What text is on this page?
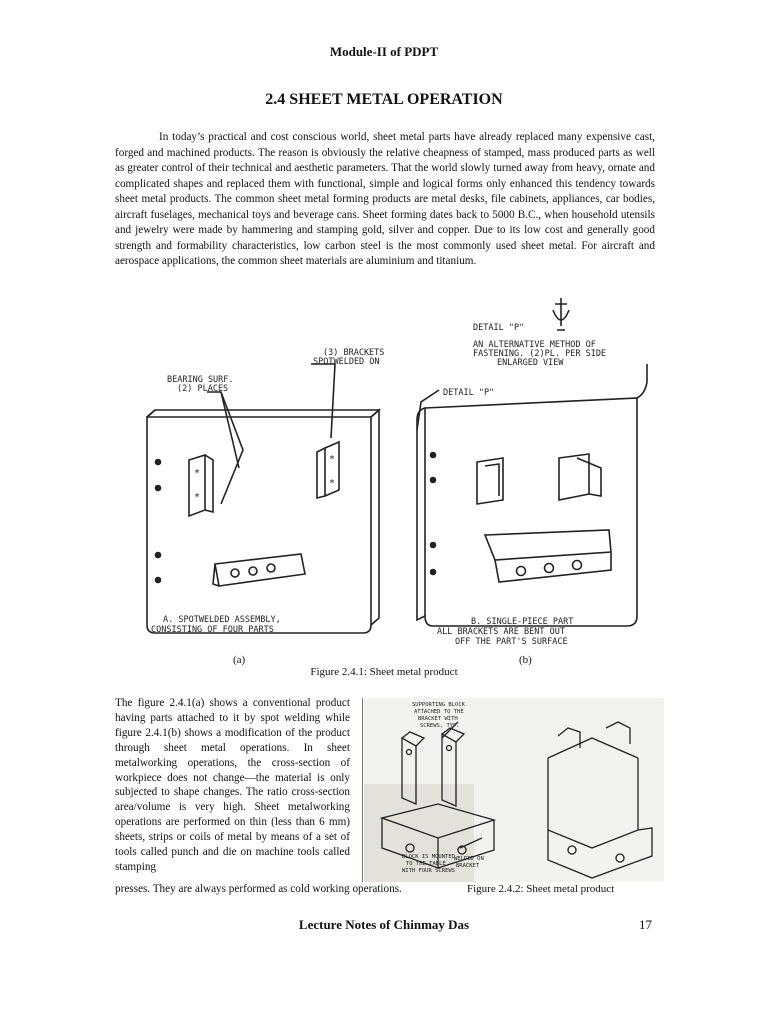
Module-II of PDPT
2.4 SHEET METAL OPERATION
In today’s practical and cost conscious world, sheet metal parts have already replaced many expensive cast, forged and machined products. The reason is obviously the relative cheapness of stamped, mass produced parts as well as greater control of their technical and aesthetic parameters. That the world slowly turned away from heavy, ornate and complicated shapes and replaced them with functional, simple and logical forms only enhanced this tendency towards sheet metal products. The common sheet metal forming products are metal desks, file cabinets, appliances, car bodies, aircraft fuselages, mechanical toys and beverage cans. Sheet forming dates back to 5000 B.C., when household utensils and jewelry were made by hammering and stamping gold, silver and copper. Due to its low cost and generally good strength and formability characteristics, low carbon steel is the most commonly used sheet metal. For aircraft and aerospace applications, the common sheet materials are aluminium and titanium.
*
*
*
*
BEARING SURF.
(2) PLACES
(3) BRACKETS
SPOTWELDED ON
DETAIL "P"
AN ALTERNATIVE METHOD OF
FASTENING. (2)PL. PER SIDE
ENLARGED VIEW
DETAIL "P"
A. SPOTWELDED ASSEMBLY,
CONSISTING OF FOUR PARTS
B. SINGLE-PIECE PART
ALL BRACKETS ARE BENT OUT
OFF THE PART'S SURFACE
(a)	(b)
Figure 2.4.1: Sheet metal product
The figure 2.4.1(a) shows a conventional product having parts attached to it by spot welding while figure 2.4.1(b) shows a modification of the product through sheet metal operations. In sheet metalworking operations, the cross-section of workpiece does not change—the material is only subjected to shape changes. The ratio cross-section area/volume is very high. Sheet metalworking operations are performed on thin (less than 6 mm) sheets, strips or coils of metal by means of a set of tools called punch and die on machine tools called stamping
presses. They are always performed as cold working operations.
SUPPORTING BLOCK
ATTACHED TO THE
BRACKET WITH
SCREWS, TYP.
BLOCK IS MOUNTED
TO THE TABLE
WITH FOUR SCREWS
WELDED ON
BRACKET
Figure 2.4.2: Sheet metal product
Lecture Notes of Chinmay Das	17
